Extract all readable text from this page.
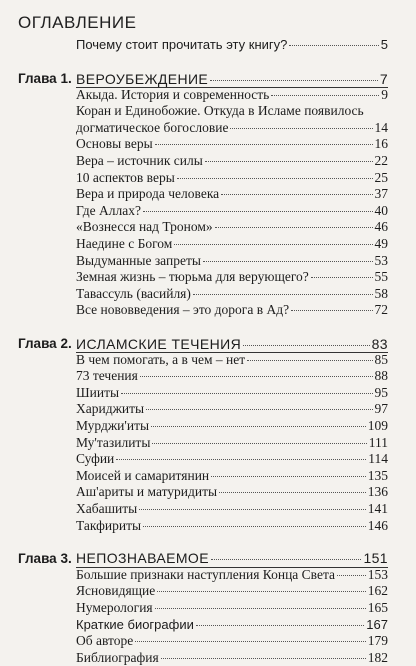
ОГЛАВЛЕНИЕ
Почему стоит прочитать эту книгу?	5
Глава 1. ВЕРОУБЕЖДЕНИЕ	7
Акыда. История и современность	9
Коран и Единобожие. Откуда в Исламе появилось
догматическое богословие	14
Основы веры	16
Вера – источник силы	22
10 аспектов веры	25
Вера и природа человека	37
Где Аллах?	40
«Вознесся над Троном»	46
Наедине с Богом	49
Выдуманные запреты	53
Земная жизнь – тюрьма для верующего?	55
Тавассуль (васийля)	58
Все нововведения – это дорога в Ад?	72
Глава 2. ИСЛАМСКИЕ ТЕЧЕНИЯ	83
В чем помогать, а в чем – нет	85
73 течения	88
Шииты	95
Хариджиты	97
Мурджи'иты	109
Му'тазилиты	111
Суфии	114
Моисей и самаритянин	135
Аш'ариты и матуридиты	136
Хабашиты	141
Такфириты	146
Глава 3. НЕПОЗНАВАЕМОЕ	151
Большие признаки наступления Конца Света 153
Ясновидящие	162
Нумерология	165
Краткие биографии	167
Об авторе	179
Библиография	182
